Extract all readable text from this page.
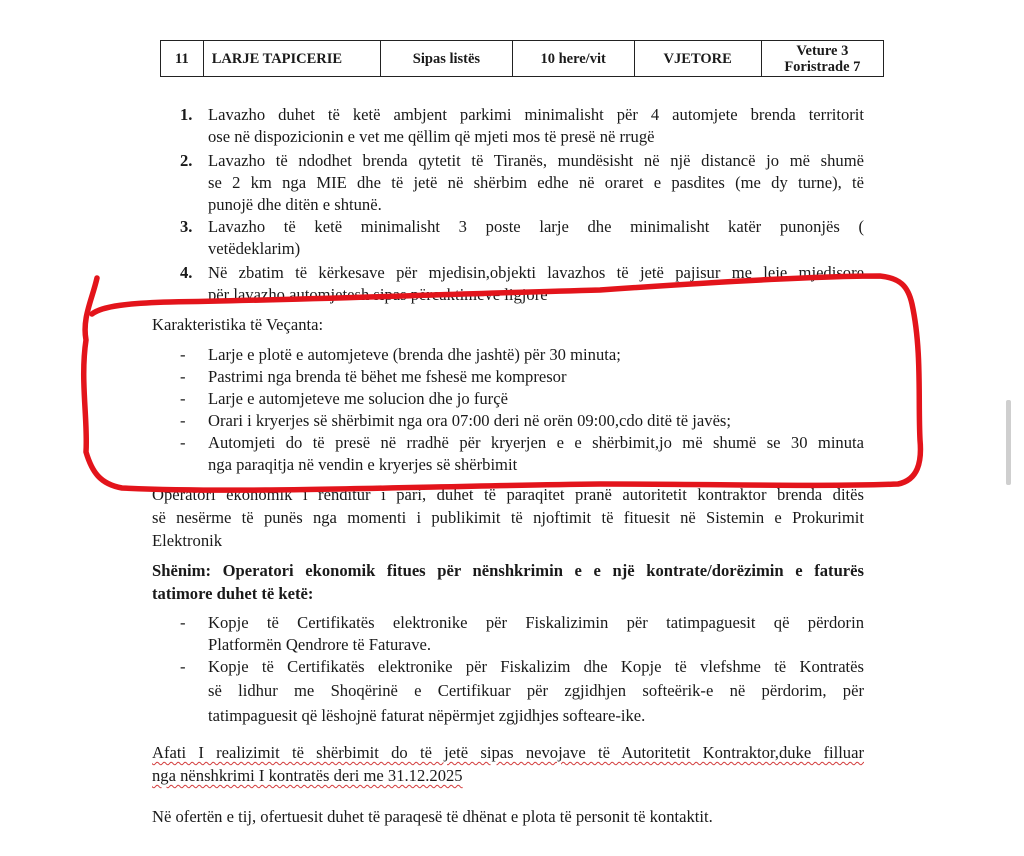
11	LARJE TAPICERIE	Sipas listës	10 here/vit	VJETORE	Veture 3
Foristrade 7
1. Lavazho duhet të ketë ambjent parkimi minimalisht për 4 automjete brenda territorit
ose në dispozicionin e vet me qëllim që mjeti mos të presë në rrugë
2. Lavazho të ndodhet brenda qytetit të Tiranës, mundësisht në një distancë jo më shumë
se 2 km nga MIE dhe të jetë në shërbim edhe në oraret e pasdites (me dy turne), të
punojë dhe ditën e shtunë.
3. Lavazho të ketë minimalisht 3 poste larje dhe minimalisht katër punonjës (
vetëdeklarim)
4. Në zbatim të kërkesave për mjedisin,objekti lavazhos të jetë pajisur me leje mjedisore
për lavazho automjetesh sipas përcaktimeve ligjore
Karakteristika të Veçanta:
- Larje e plotë e automjeteve (brenda dhe jashtë) për 30 minuta;
- Pastrimi nga brenda të bëhet me fshesë me kompresor
- Larje e automjeteve me solucion dhe jo furçë
- Orari i kryerjes së shërbimit nga ora 07:00 deri në orën 09:00,cdo ditë të javës;
- Automjeti do të presë në rradhë për kryerjen e e shërbimit,jo më shumë se 30 minuta
nga paraqitja në vendin e kryerjes së shërbimit
Operatori ekonomik i renditur i pari, duhet të paraqitet pranë autoritetit kontraktor brenda ditës
së nesërme të punës nga momenti i publikimit të njoftimit të fituesit në Sistemin e Prokurimit
Elektronik
Shënim: Operatori ekonomik fitues për nënshkrimin e e një kontrate/dorëzimin e faturës
tatimore duhet të ketë:
- Kopje të Certifikatës elektronike për Fiskalizimin për tatimpaguesit që përdorin
Platformën Qendrore të Faturave.
- Kopje të Certifikatës elektronike për Fiskalizim dhe Kopje të vlefshme të Kontratës
së lidhur me Shoqërinë e Certifikuar për zgjidhjen softeërik-e në përdorim, për
tatimpaguesit që lëshojnë faturat nëpërmjet zgjidhjes softeare-ike.
Afati I realizimit të shërbimit do të jetë sipas nevojave të Autoritetit Kontraktor,duke filluar
nga nënshkrimi I kontratës deri me 31.12.2025
Në ofertën e tij, ofertuesit duhet të paraqesë të dhënat e plota të personit të kontaktit.
